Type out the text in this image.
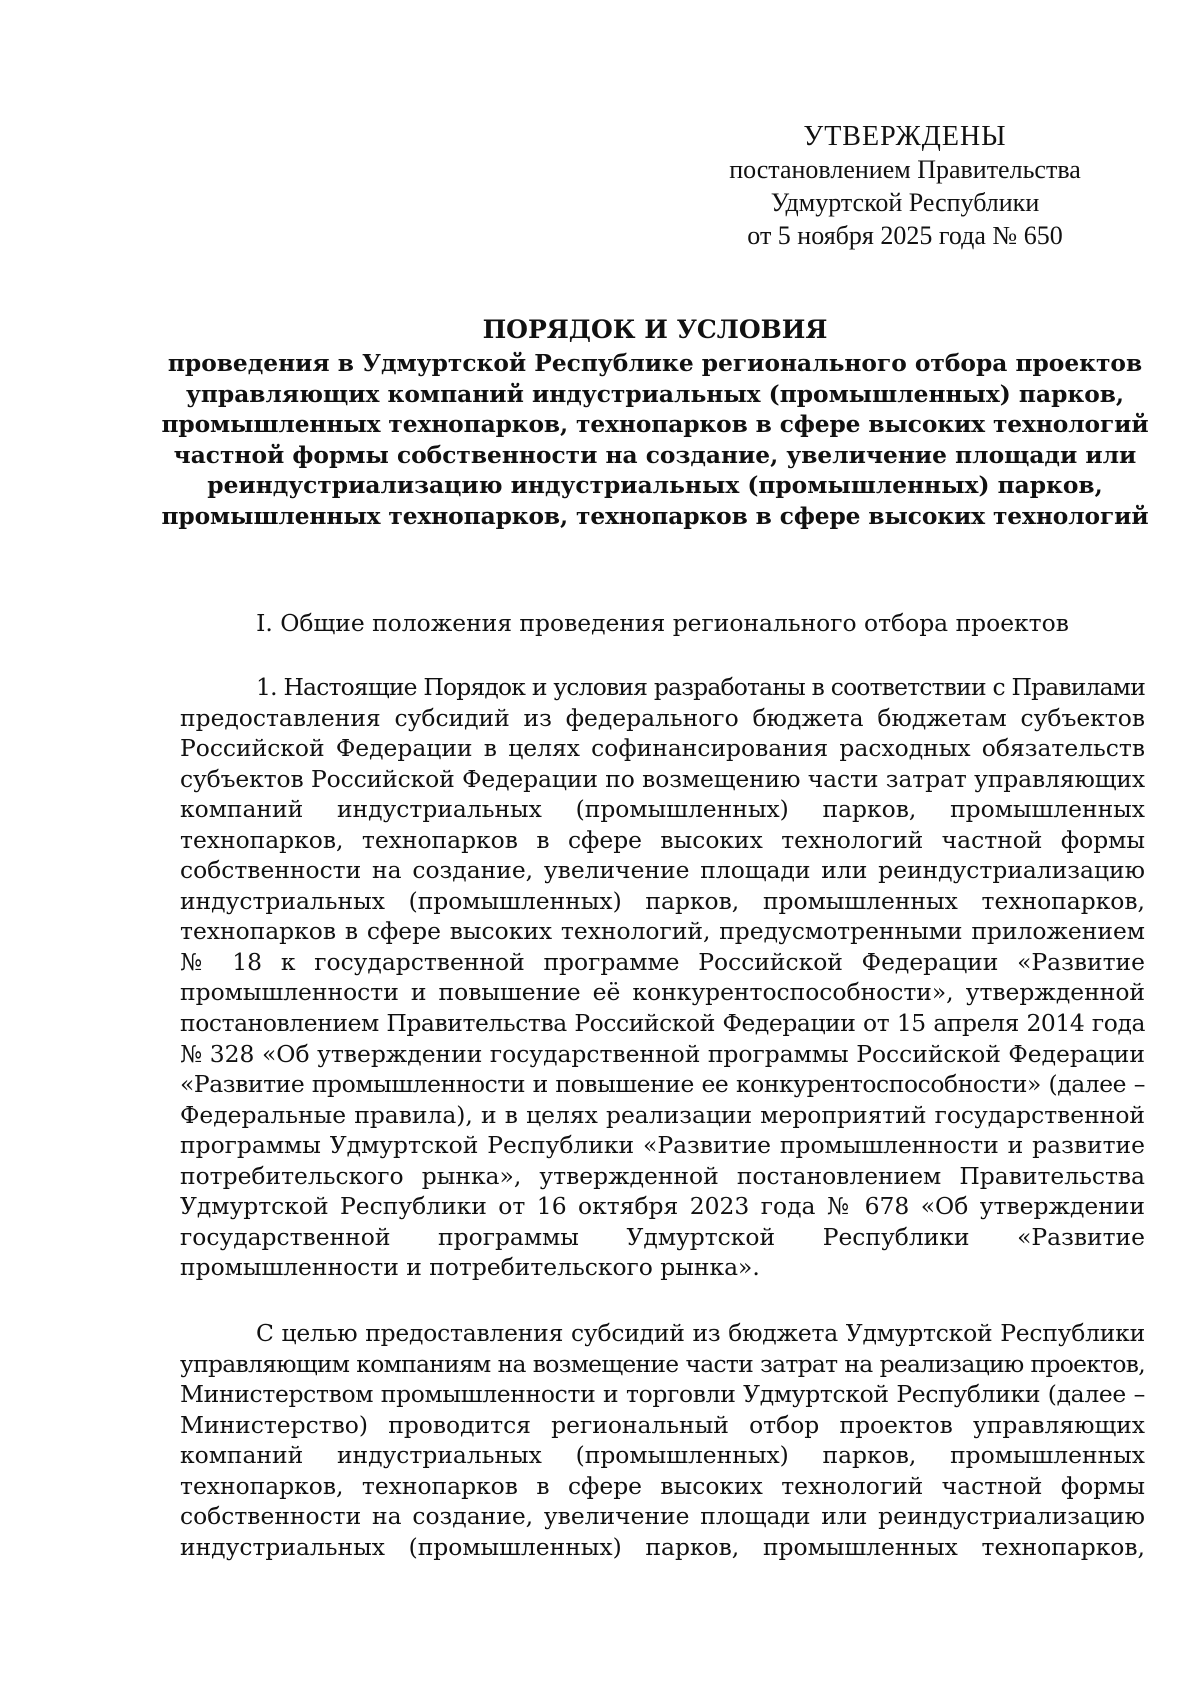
УТВЕРЖДЕНЫ
постановлением Правительства
Удмуртской Республики
от 5 ноября 2025 года № 650
ПОРЯДОК И УСЛОВИЯ
проведения в Удмуртской Республике регионального отбора проектов
управляющих компаний индустриальных (промышленных) парков,
промышленных технопарков, технопарков в сфере высоких технологий
частной формы собственности на создание, увеличение площади или
реиндустриализацию индустриальных (промышленных) парков,
промышленных технопарков, технопарков в сфере высоких технологий
I. Общие положения проведения регионального отбора проектов
1. Настоящие Порядок и условия разработаны в соответствии с Правилами
предоставления субсидий из федерального бюджета бюджетам субъектов
Российской Федерации в целях софинансирования расходных обязательств
субъектов Российской Федерации по возмещению части затрат управляющих
компаний индустриальных (промышленных) парков, промышленных
технопарков, технопарков в сфере высоких технологий частной формы
собственности на создание, увеличение площади или реиндустриализацию
индустриальных (промышленных) парков, промышленных технопарков,
технопарков в сфере высоких технологий, предусмотренными приложением
№ 18 к государственной программе Российской Федерации «Развитие
промышленности и повышение её конкурентоспособности», утвержденной
постановлением Правительства Российской Федерации от 15 апреля 2014 года
№ 328 «Об утверждении государственной программы Российской Федерации
«Развитие промышленности и повышение ее конкурентоспособности» (далее –
Федеральные правила), и в целях реализации мероприятий государственной
программы Удмуртской Республики «Развитие промышленности и развитие
потребительского рынка», утвержденной постановлением Правительства
Удмуртской Республики от 16 октября 2023 года № 678 «Об утверждении
государственной программы Удмуртской Республики «Развитие
промышленности и потребительского рынка».
С целью предоставления субсидий из бюджета Удмуртской Республики
управляющим компаниям на возмещение части затрат на реализацию проектов,
Министерством промышленности и торговли Удмуртской Республики (далее –
Министерство) проводится региональный отбор проектов управляющих
компаний индустриальных (промышленных) парков, промышленных
технопарков, технопарков в сфере высоких технологий частной формы
собственности на создание, увеличение площади или реиндустриализацию
индустриальных (промышленных) парков, промышленных технопарков,
